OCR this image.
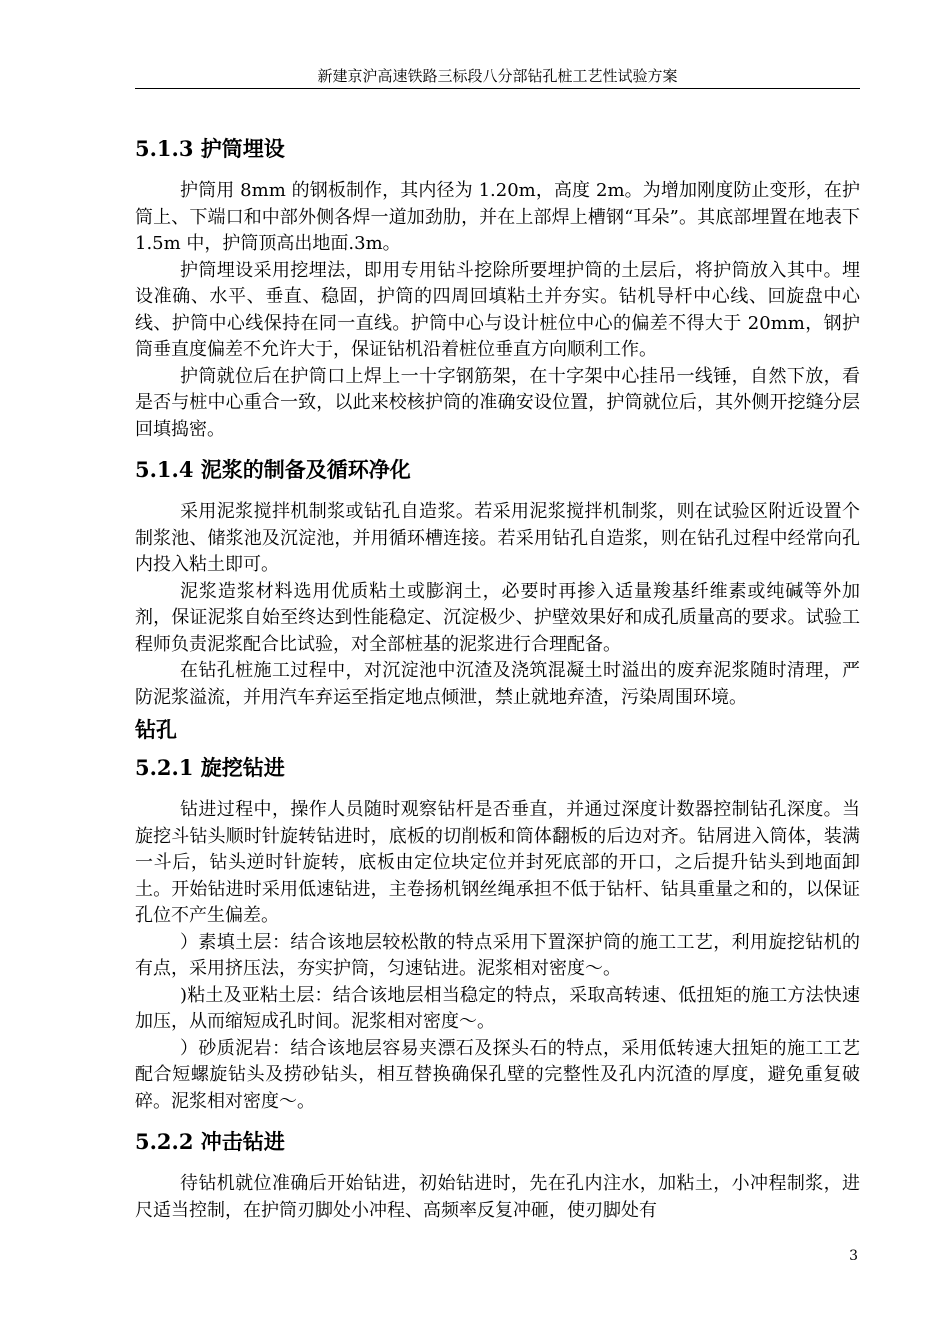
新建京沪高速铁路三标段八分部钻孔桩工艺性试验方案
5.1.3 护筒埋设

护筒用 8mm 的钢板制作，其内径为 1.20m，高度 2m。为增加刚度防止变形，在护筒上、下端口和中部外侧各焊一道加劲肋，并在上部焊上槽钢“耳朵”。其底部埋置在地表下 1.5m 中，护筒顶高出地面.3m。

护筒埋设采用挖埋法，即用专用钻斗挖除所要埋护筒的土层后，将护筒放入其中。埋设准确、水平、垂直、稳固，护筒的四周回填粘土并夯实。钻机导杆中心线、回旋盘中心线、护筒中心线保持在同一直线。护筒中心与设计桩位中心的偏差不得大于 20mm，钢护筒垂直度偏差不允许大于，保证钻机沿着桩位垂直方向顺利工作。

护筒就位后在护筒口上焊上一十字钢筋架，在十字架中心挂吊一线锤，自然下放，看是否与桩中心重合一致，以此来校核护筒的准确安设位置，护筒就位后，其外侧开挖缝分层回填捣密。

5.1.4 泥浆的制备及循环净化

采用泥浆搅拌机制浆或钻孔自造浆。若采用泥浆搅拌机制浆，则在试验区附近设置个制浆池、储浆池及沉淀池，并用循环槽连接。若采用钻孔自造浆，则在钻孔过程中经常向孔内投入粘土即可。

泥浆造浆材料选用优质粘土或膨润土，必要时再掺入适量羧基纤维素或纯碱等外加剂，保证泥浆自始至终达到性能稳定、沉淀极少、护壁效果好和成孔质量高的要求。试验工程师负责泥浆配合比试验，对全部桩基的泥浆进行合理配备。

在钻孔桩施工过程中，对沉淀池中沉渣及浇筑混凝土时溢出的废弃泥浆随时清理，严防泥浆溢流，并用汽车弃运至指定地点倾泄，禁止就地弃渣，污染周围环境。

钻孔
5.2.1 旋挖钻进

钻进过程中，操作人员随时观察钻杆是否垂直，并通过深度计数器控制钻孔深度。当旋挖斗钻头顺时针旋转钻进时，底板的切削板和筒体翻板的后边对齐。钻屑进入筒体，装满一斗后，钻头逆时针旋转，底板由定位块定位并封死底部的开口，之后提升钻头到地面卸土。开始钻进时采用低速钻进，主卷扬机钢丝绳承担不低于钻杆、钻具重量之和的，以保证孔位不产生偏差。

）素填土层：结合该地层较松散的特点采用下置深护筒的施工工艺，利用旋挖钻机的有点，采用挤压法，夯实护筒，匀速钻进。泥浆相对密度～。

)粘土及亚粘土层：结合该地层相当稳定的特点，采取高转速、低扭矩的施工方法快速加压，从而缩短成孔时间。泥浆相对密度～。

）砂质泥岩：结合该地层容易夹漂石及探头石的特点，采用低转速大扭矩的施工工艺配合短螺旋钻头及捞砂钻头，相互替换确保孔壁的完整性及孔内沉渣的厚度，避免重复破碎。泥浆相对密度～。

5.2.2 冲击钻进

待钻机就位准确后开始钻进，初始钻进时，先在孔内注水，加粘土，小冲程制浆，进尺适当控制，在护筒刃脚处小冲程、高频率反复冲砸，使刃脚处有

3
